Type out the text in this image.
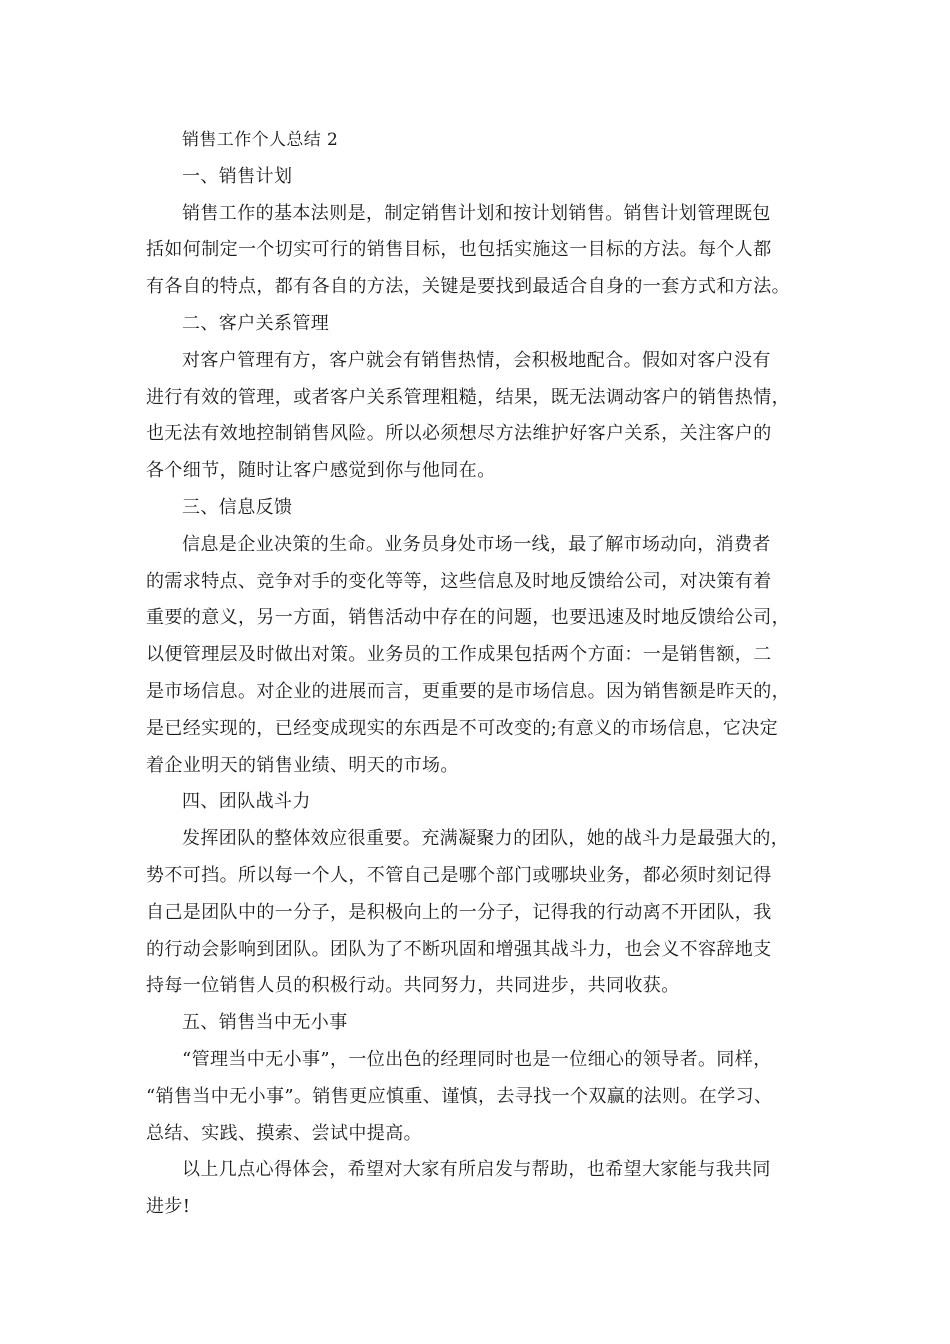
销售工作个人总结 2
一、销售计划

销售工作的基本法则是，制定销售计划和按计划销售。销售计划管理既包

括如何制定一个切实可行的销售目标，也包括实施这一目标的方法。每个人都

有各自的特点，都有各自的方法，关键是要找到最适合自身的一套方式和方法。

二、客户关系管理

对客户管理有方，客户就会有销售热情，会积极地配合。假如对客户没有

进行有效的管理，或者客户关系管理粗糙，结果，既无法调动客户的销售热情，

也无法有效地控制销售风险。所以必须想尽方法维护好客户关系，关注客户的

各个细节，随时让客户感觉到你与他同在。

三、信息反馈

信息是企业决策的生命。业务员身处市场一线，最了解市场动向，消费者

的需求特点、竞争对手的变化等等，这些信息及时地反馈给公司，对决策有着

重要的意义，另一方面，销售活动中存在的问题，也要迅速及时地反馈给公司，

以便管理层及时做出对策。业务员的工作成果包括两个方面：一是销售额，二

是市场信息。对企业的进展而言，更重要的是市场信息。因为销售额是昨天的，

是已经实现的，已经变成现实的东西是不可改变的;有意义的市场信息，它决定

着企业明天的销售业绩、明天的市场。

四、团队战斗力

发挥团队的整体效应很重要。充满凝聚力的团队，她的战斗力是最强大的，

势不可挡。所以每一个人，不管自己是哪个部门或哪块业务，都必须时刻记得

自己是团队中的一分子，是积极向上的一分子，记得我的行动离不开团队，我

的行动会影响到团队。团队为了不断巩固和增强其战斗力，也会义不容辞地支

持每一位销售人员的积极行动。共同努力，共同进步，共同收获。

五、销售当中无小事

“管理当中无小事”，一位出色的经理同时也是一位细心的领导者。同样，

“销售当中无小事”。销售更应慎重、谨慎，去寻找一个双赢的法则。在学习、

总结、实践、摸索、尝试中提高。

以上几点心得体会，希望对大家有所启发与帮助，也希望大家能与我共同

进步!
